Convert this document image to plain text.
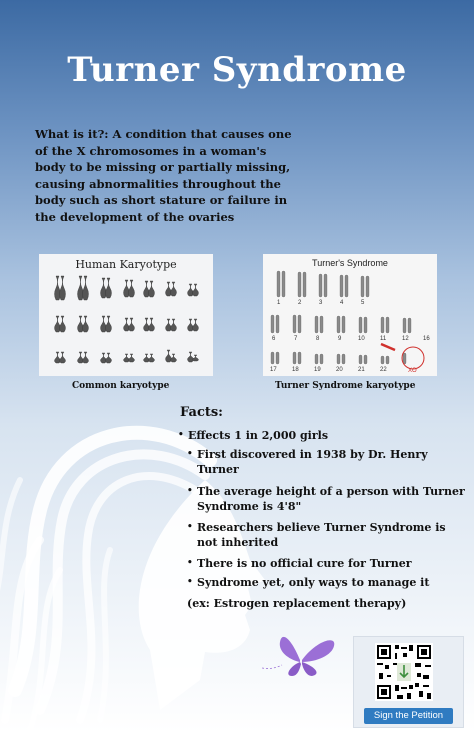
Turner Syndrome
What is it?: A condition that causes one of the X chromosomes in a woman's body to be missing or partially missing, causing abnormalities throughout the body such as short stature or failure in the development of the ovaries
Human Karyotype
Common karyotype
Turner's Syndrome
1	2	3	4	5
6	7	8	9	10	11	12
17	18	19	20	21	22
16
XO
Turner Syndrome karyotype
Facts:
• Effects 1 in 2,000 girls
• First discovered in 1938 by Dr. Henry Turner
• The average height of a person with Turner Syndrome is 4'8"
• Researchers believe Turner Syndrome is not inherited
• There is no official cure for Turner
• Syndrome yet, only ways to manage it
(ex: Estrogen replacement therapy)
Sign the Petition
